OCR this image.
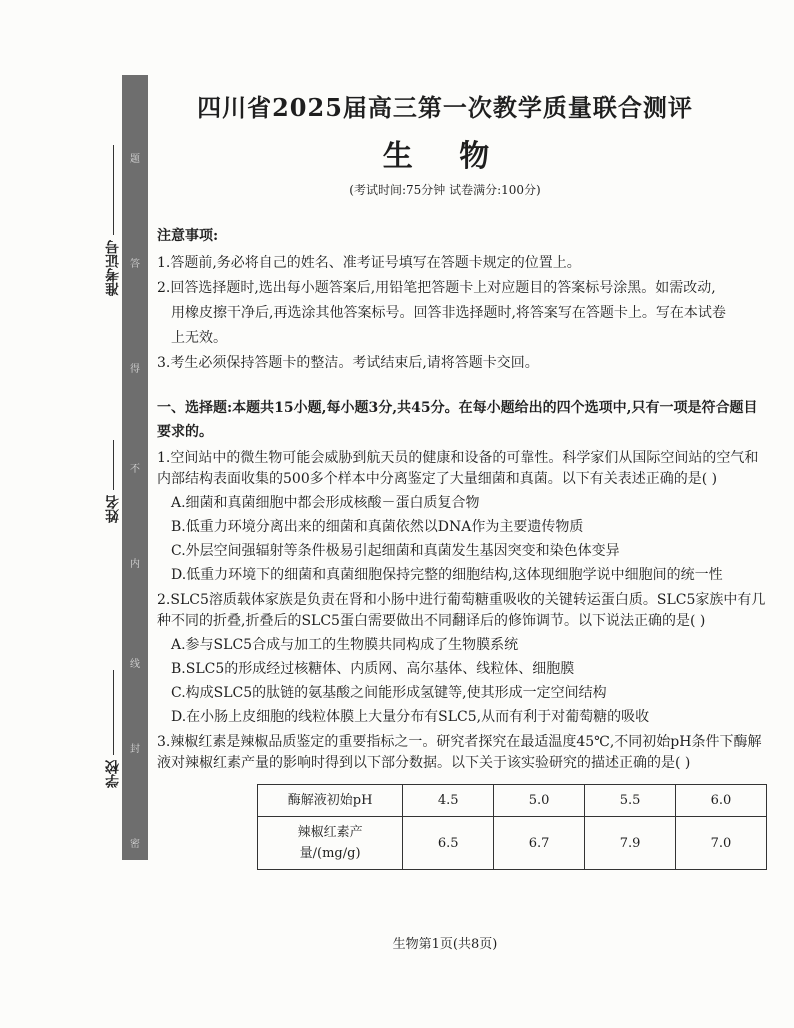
题
答
得
不
内
线
封
密
准考证号
姓名
学校
四川省2025届高三第一次教学质量联合测评
生 物
(考试时间:75分钟 试卷满分:100分)

注意事项:

1.答题前,务必将自己的姓名、准考证号填写在答题卡规定的位置上。

2.回答选择题时,选出每小题答案后,用铅笔把答题卡上对应题目的答案标号涂黑。如需改动,

用橡皮擦干净后,再选涂其他答案标号。回答非选择题时,将答案写在答题卡上。写在本试卷

上无效。

3.考生必须保持答题卡的整洁。考试结束后,请将答题卡交回。

一、选择题:本题共15小题,每小题3分,共45分。在每小题给出的四个选项中,只有一项是符合题目要求的。

1.空间站中的微生物可能会威胁到航天员的健康和设备的可靠性。科学家们从国际空间站的空气和内部结构表面收集的500多个样本中分离鉴定了大量细菌和真菌。以下有关表述正确的是( )

A.细菌和真菌细胞中都会形成核酸－蛋白质复合物

B.低重力环境分离出来的细菌和真菌依然以DNA作为主要遗传物质

C.外层空间强辐射等条件极易引起细菌和真菌发生基因突变和染色体变异

D.低重力环境下的细菌和真菌细胞保持完整的细胞结构,这体现细胞学说中细胞间的统一性

2.SLC5溶质载体家族是负责在肾和小肠中进行葡萄糖重吸收的关键转运蛋白质。SLC5家族中有几种不同的折叠,折叠后的SLC5蛋白需要做出不同翻译后的修饰调节。以下说法正确的是( )

A.参与SLC5合成与加工的生物膜共同构成了生物膜系统

B.SLC5的形成经过核糖体、内质网、高尔基体、线粒体、细胞膜

C.构成SLC5的肽链的氨基酸之间能形成氢键等,使其形成一定空间结构

D.在小肠上皮细胞的线粒体膜上大量分布有SLC5,从而有利于对葡萄糖的吸收

3.辣椒红素是辣椒品质鉴定的重要指标之一。研究者探究在最适温度45℃,不同初始pH条件下酶解液对辣椒红素产量的影响时得到以下部分数据。以下关于该实验研究的描述正确的是( )

酶解液初始pH	4.5	5.0	5.5	6.0
辣椒红素产量/(mg/g)	6.5	6.7	7.9	7.0
生物第1页(共8页)
